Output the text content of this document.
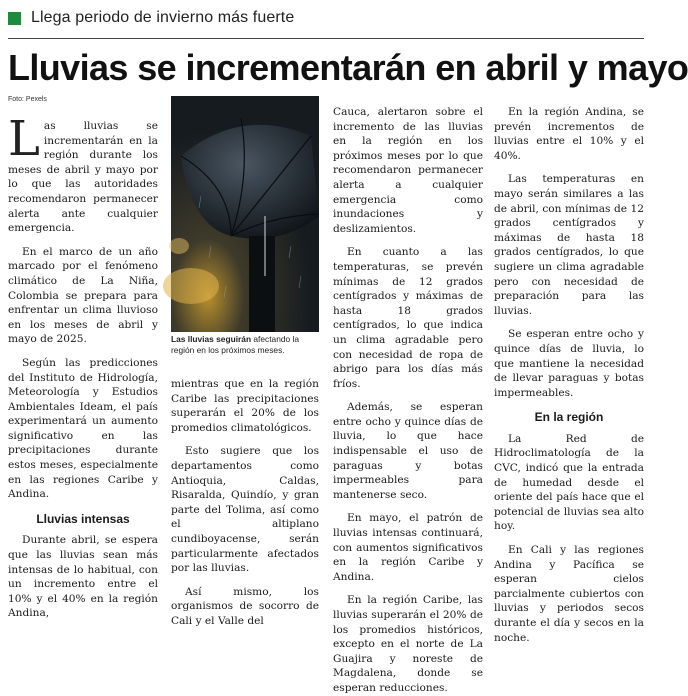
Llega periodo de invierno más fuerte
Lluvias se incrementarán en abril y mayo
Foto: Pexels
L as lluvias se incrementarán en la región durante los meses de abril y mayo por lo que las autoridades recomendaron permanecer alerta ante cualquier emergencia.

En el marco de un año marcado por el fenómeno climático de La Niña, Colombia se prepara para enfrentar un clima lluvioso en los meses de abril y mayo de 2025.

Según las predicciones del Instituto de Hidrología, Meteorología y Estudios Ambientales Ideam, el país experimentará un aumento significativo en las precipitaciones durante estos meses, especialmente en las regiones Caribe y Andina.

Lluvias intensas

Durante abril, se espera que las lluvias sean más intensas de lo habitual, con un incremento entre el 10% y el 40% en la región Andina,

Las lluvias seguirán afectando la región en los próximos meses.

mientras que en la región Caribe las precipitaciones superarán el 20% de los promedios climatológicos.

Esto sugiere que los departamentos como Antioquia, Caldas, Risaralda, Quindío, y gran parte del Tolima, así como el altiplano cundiboyacense, serán particularmente afectados por las lluvias.

Así mismo, los organismos de socorro de Cali y el Valle del

Cauca, alertaron sobre el incremento de las lluvias en la región en los próximos meses por lo que recomendaron permanecer alerta a cualquier emergencia como inundaciones y deslizamientos.

En cuanto a las temperaturas, se prevén mínimas de 12 grados centígrados y máximas de hasta 18 grados centígrados, lo que indica un clima agradable pero con necesidad de ropa de abrigo para los días más fríos.

Además, se esperan entre ocho y quince días de lluvia, lo que hace indispensable el uso de paraguas y botas impermeables para mantenerse seco.

En mayo, el patrón de lluvias intensas continuará, con aumentos significativos en la región Caribe y Andina.

En la región Caribe, las lluvias superarán el 20% de los promedios históricos, excepto en el norte de La Guajira y noreste de Magdalena, donde se esperan reducciones.

En la región Andina, se prevén incrementos de lluvias entre el 10% y el 40%.

Las temperaturas en mayo serán similares a las de abril, con mínimas de 12 grados centígrados y máximas de hasta 18 grados centígrados, lo que sugiere un clima agradable pero con necesidad de preparación para las lluvias.

Se esperan entre ocho y quince días de lluvia, lo que mantiene la necesidad de llevar paraguas y botas impermeables.

En la región

La Red de Hidroclimatología de la CVC, indicó que la entrada de humedad desde el oriente del país hace que el potencial de lluvias sea alto hoy.

En Cali y las regiones Andina y Pacífica se esperan cielos parcialmente cubiertos con lluvias y periodos secos durante el día y secos en la noche.
